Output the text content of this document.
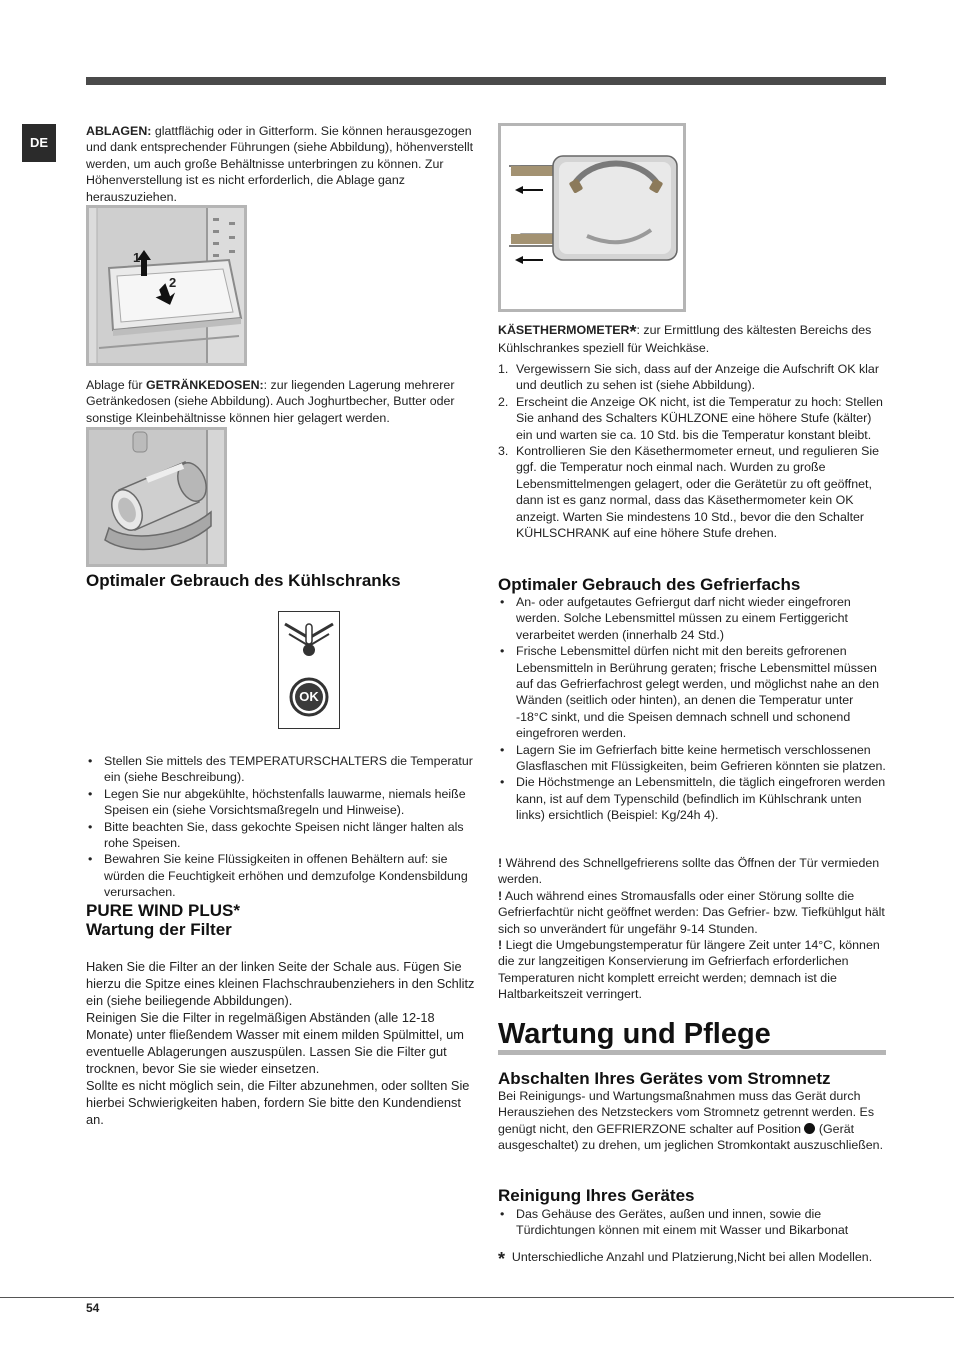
DE

ABLAGEN: glattflächig oder in Gitterform. Sie können herausgezogen und dank entsprechender Führungen (siehe Abbildung), höhenverstellt werden, um auch große Behältnisse unterbringen zu können. Zur Höhenverstellung ist es nicht erforderlich, die Ablage ganz herauszuziehen.

1
2

Ablage für GETRÄNKEDOSEN:: zur liegenden Lagerung mehrerer Getränkedosen (siehe Abbildung). Auch Joghurtbecher, Butter oder sonstige Kleinbehältnisse können hier gelagert werden.

Optimaler Gebrauch des Kühlschranks
OK
• Stellen Sie mittels des TEMPERATURSCHALTERS die Temperatur ein (siehe Beschreibung).
• Legen Sie nur abgekühlte, höchstenfalls lauwarme, niemals heiße Speisen ein (siehe Vorsichtsmaßregeln und Hinweise).
• Bitte beachten Sie, dass gekochte Speisen nicht länger halten als rohe Speisen.
• Bewahren Sie keine Flüssigkeiten in offenen Behältern auf: sie würden die Feuchtigkeit erhöhen und demzufolge Kondensbildung verursachen.
PURE WIND PLUS*
Wartung der Filter

Haken Sie die Filter an der linken Seite der Schale aus. Fügen Sie hierzu die Spitze eines kleinen Flachschraubenziehers in den Schlitz ein (siehe beiliegende Abbildungen).
Reinigen Sie die Filter in regelmäßigen Abständen (alle 12-18 Monate) unter fließendem Wasser mit einem milden Spülmittel, um eventuelle Ablagerungen auszuspülen. Lassen Sie die Filter gut trocknen, bevor Sie sie wieder einsetzen.
Sollte es nicht möglich sein, die Filter abzunehmen, oder sollten Sie hierbei Schwierigkeiten haben, fordern Sie bitte den Kundendienst an.

KÄSETHERMOMETER*: zur Ermittlung des kältesten Bereichs des Kühlschrankes speziell für Weichkäse.

1. Vergewissern Sie sich, dass auf der Anzeige die Aufschrift OK klar und deutlich zu sehen ist (siehe Abbildung).
2. Erscheint die Anzeige OK nicht, ist die Temperatur zu hoch: Stellen Sie anhand des Schalters KÜHLZONE eine höhere Stufe (kälter) ein und warten sie ca. 10 Std. bis die Temperatur konstant bleibt.
3. Kontrollieren Sie den Käsethermometer erneut, und regulieren Sie ggf. die Temperatur noch einmal nach. Wurden zu große Lebensmittelmengen gelagert, oder die Gerätetür zu oft geöffnet, dann ist es ganz normal, dass das Käsethermometer kein OK anzeigt. Warten Sie mindestens 10 Std., bevor die den Schalter KÜHLSCHRANK auf eine höhere Stufe drehen.
Optimaler Gebrauch des Gefrierfachs
• An- oder aufgetautes Gefriergut darf nicht wieder eingefroren werden. Solche Lebensmittel müssen zu einem Fertiggericht verarbeitet werden (innerhalb 24 Std.)
• Frische Lebensmittel dürfen nicht mit den bereits gefrorenen Lebensmitteln in Berührung geraten; frische Lebensmittel müssen auf das Gefrierfachrost gelegt werden, und möglichst nahe an den Wänden (seitlich oder hinten), an denen die Temperatur unter -18°C sinkt, und die Speisen demnach schnell und schonend eingefroren werden.
• Lagern Sie im Gefrierfach bitte keine hermetisch verschlossenen Glasflaschen mit Flüssigkeiten, beim Gefrieren könnten sie platzen.
• Die Höchstmenge an Lebensmitteln, die täglich eingefroren werden kann, ist auf dem Typenschild (befindlich im Kühlschrank unten links) ersichtlich (Beispiel: Kg/24h 4).

! Während des Schnellgefrierens sollte das Öffnen der Tür vermieden werden.

! Auch während eines Stromausfalls oder einer Störung sollte die Gefrierfachtür nicht geöffnet werden: Das Gefrier- bzw. Tiefkühlgut hält sich so unverändert für ungefähr 9-14 Stunden.

! Liegt die Umgebungstemperatur für längere Zeit unter 14°C, können die zur langzeitigen Konservierung im Gefrierfach erforderlichen Temperaturen nicht komplett erreicht werden; demnach ist die Haltbarkeitszeit verringert.

Wartung und Pflege
Abschalten Ihres Gerätes vom Stromnetz

Bei Reinigungs- und Wartungsmaßnahmen muss das Gerät durch Herausziehen des Netzsteckers vom Stromnetz getrennt werden. Es genügt nicht, den GEFRIERZONE schalter auf Position  (Gerät ausgeschaltet) zu drehen, um jeglichen Stromkontakt auszuschließen.

Reinigung Ihres Gerätes
• Das Gehäuse des Gerätes, außen und innen, sowie die Türdichtungen können mit einem mit Wasser und Bikarbonat

* Unterschiedliche Anzahl und Platzierung,Nicht bei allen Modellen.

54
